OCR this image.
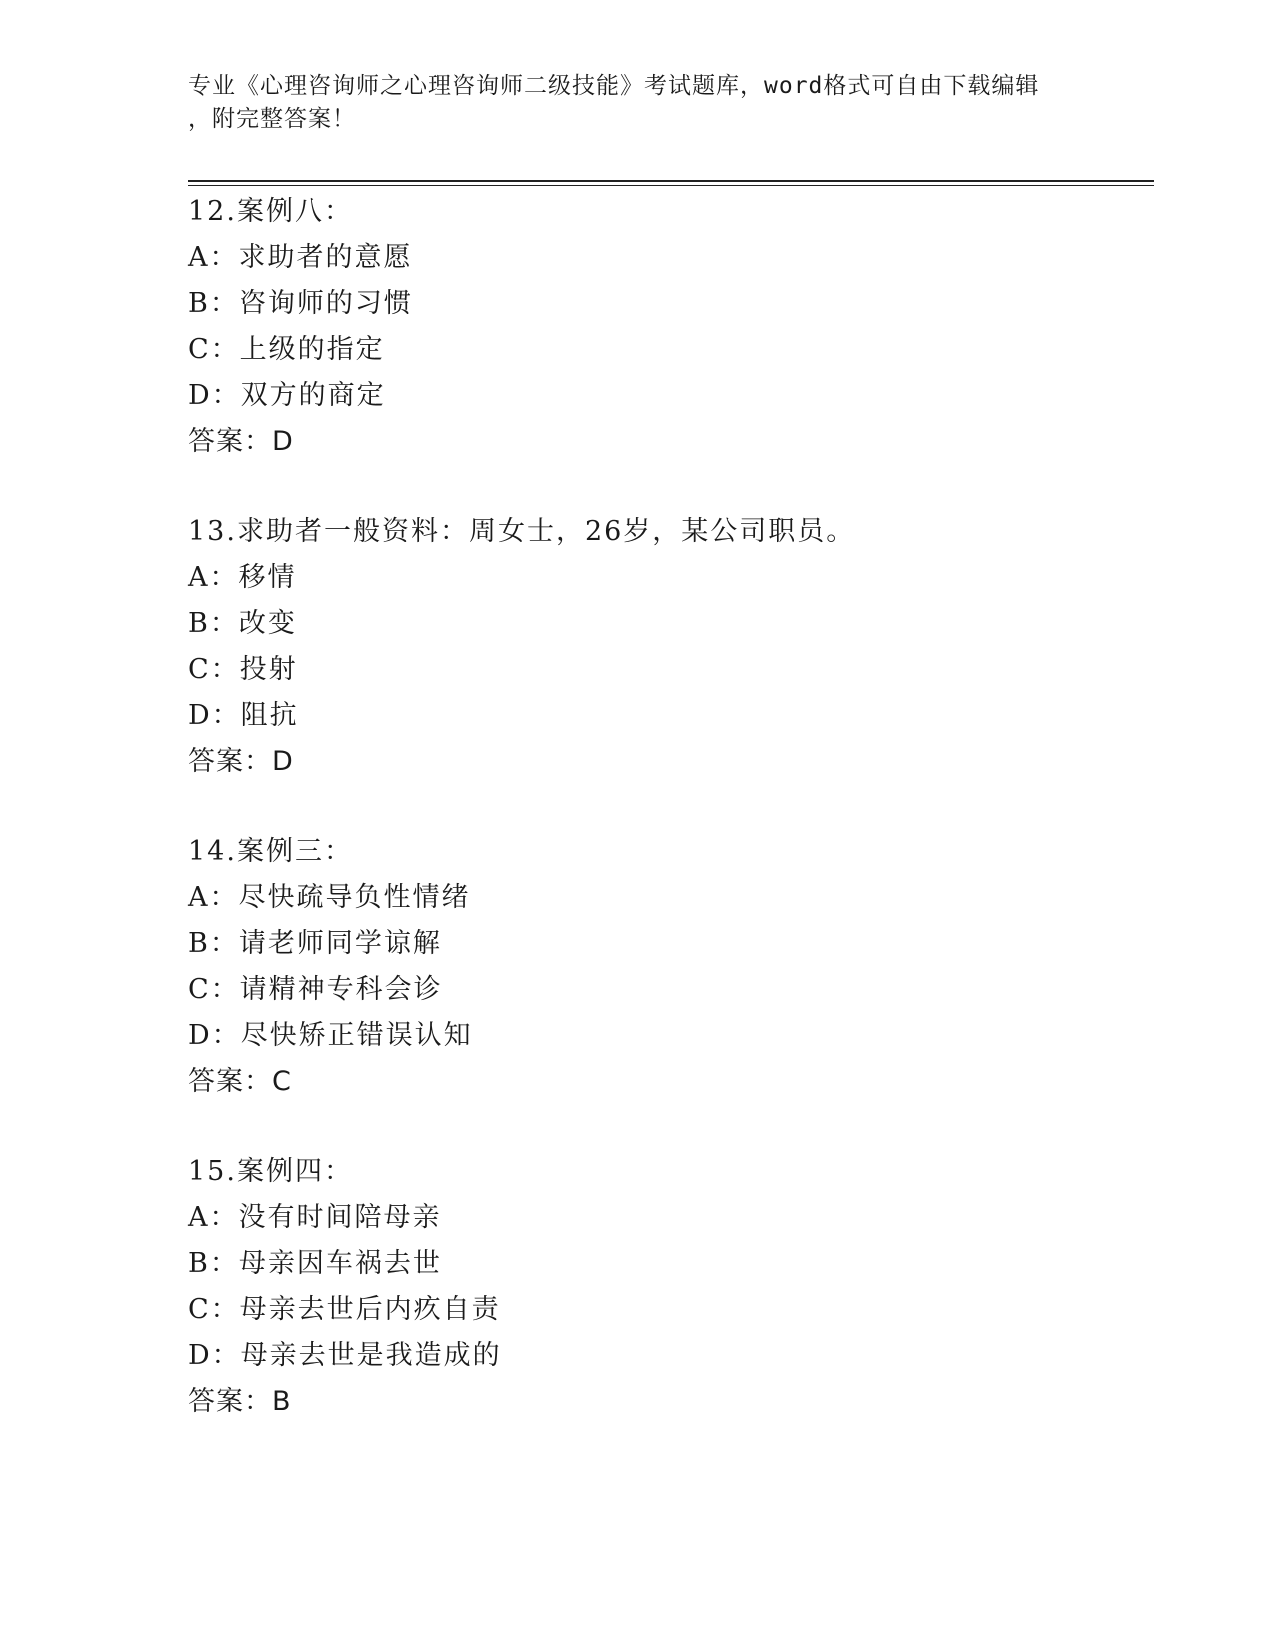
专业《心理咨询师之心理咨询师二级技能》考试题库，word格式可自由下载编辑
，附完整答案！
12.案例八：
A：求助者的意愿
B：咨询师的习惯
C：上级的指定
D：双方的商定
答案：D
13.求助者一般资料：周女士，26岁，某公司职员。
A：移情
B：改变
C：投射
D：阻抗
答案：D
14.案例三：
A：尽快疏导负性情绪
B：请老师同学谅解
C：请精神专科会诊
D：尽快矫正错误认知
答案：C
15.案例四：
A：没有时间陪母亲
B：母亲因车祸去世
C：母亲去世后内疚自责
D：母亲去世是我造成的
答案：B
